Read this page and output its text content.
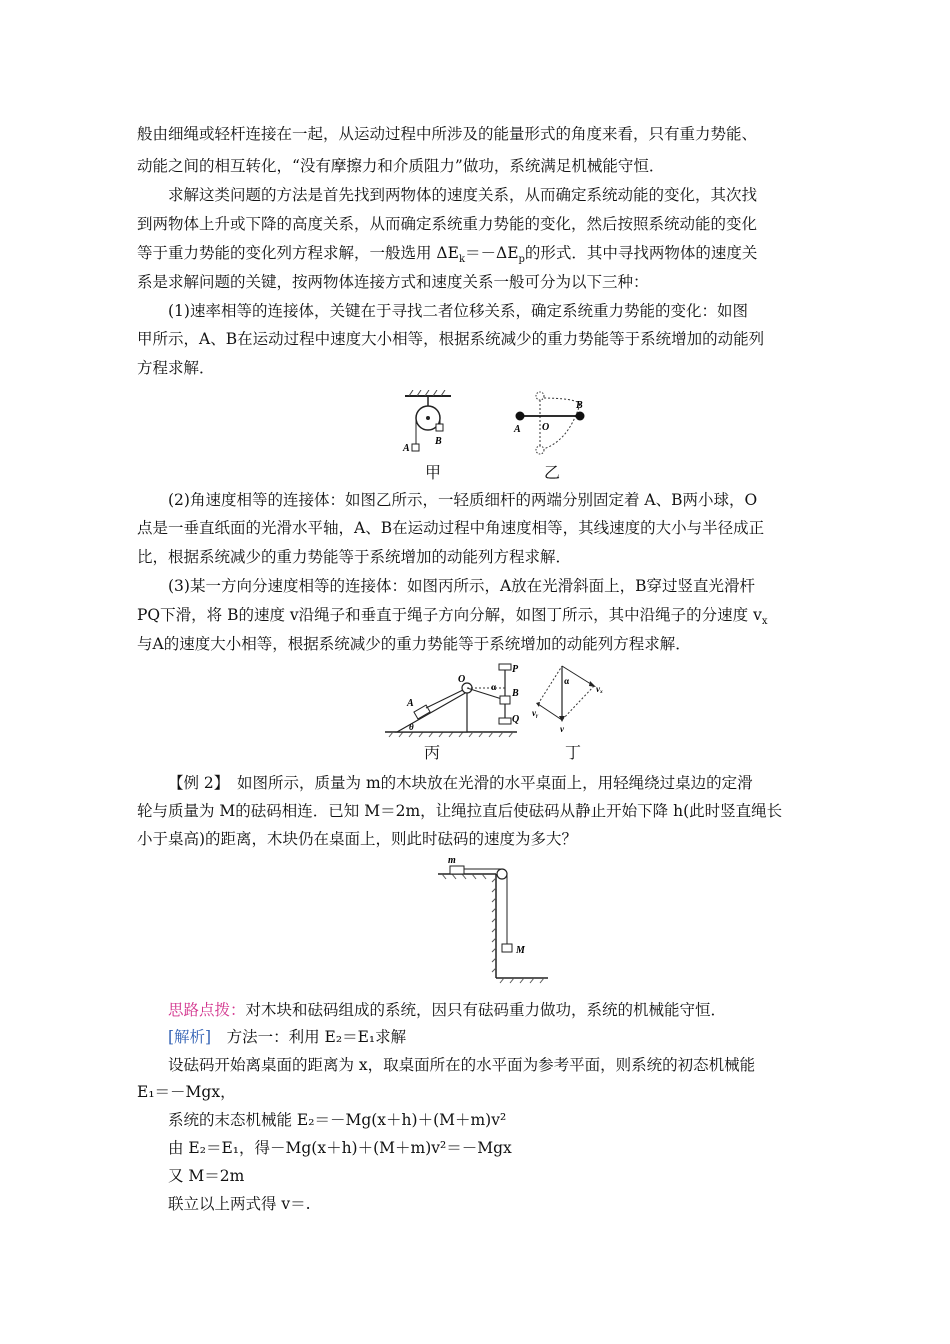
般由细绳或轻杆连接在一起，从运动过程中所涉及的能量形式的角度来看，只有重力势能、
动能之间的相互转化，“没有摩擦力和介质阻力”做功，系统满足机械能守恒．
求解这类问题的方法是首先找到两物体的速度关系，从而确定系统动能的变化，其次找
到两物体上升或下降的高度关系，从而确定系统重力势能的变化，然后按照系统动能的变化
等于重力势能的变化列方程求解，一般选用 $\Delta E_k=-\Delta E_p$的形式．其中寻找两物体的速度关
系是求解问题的关键，按两物体连接方式和速度关系一般可分为以下三种：
(1)速率相等的连接体，关键在于寻找二者位移关系，确定系统重力势能的变化：如图
甲所示，A、B在运动过程中速度大小相等，根据系统减少的重力势能等于系统增加的动能列
方程求解．
A
B
甲
A
B
O
乙
(2)角速度相等的连接体：如图乙所示，一轻质细杆的两端分别固定着 A、B两小球，O
点是一垂直纸面的光滑水平轴，A、B在运动过程中角速度相等，其线速度的大小与半径成正
比，根据系统减少的重力势能等于系统增加的动能列方程求解．
(3)某一方向分速度相等的连接体：如图丙所示，A放在光滑斜面上，B穿过竖直光滑杆
PQ下滑，将 B的速度 v沿绳子和垂直于绳子方向分解，如图丁所示，其中沿绳子的分速度 $v_x$
与A的速度大小相等，根据系统减少的重力势能等于系统增加的动能列方程求解．
A
O
P
B
Q
α
θ
丙
α
vₓ
vᵧ
v
丁
【例 2】　如图所示，质量为 m的木块放在光滑的水平桌面上，用轻绳绕过桌边的定滑
轮与质量为 M的砝码相连．已知 M＝2m，让绳拉直后使砝码从静止开始下降 h(此时竖直绳长
小于桌高)的距离，木块仍在桌面上，则此时砝码的速度为多大？
m
M
思路点拨：对木块和砝码组成的系统，因只有砝码重力做功，系统的机械能守恒．
[解析]　方法一：利用 E₂＝E₁求解
设砝码开始离桌面的距离为 x，取桌面所在的水平面为参考平面，则系统的初态机械能
E₁＝－Mgx，
系统的末态机械能 E₂＝－Mg(x＋h)＋(M＋m)v²
由 E₂＝E₁，得－Mg(x＋h)＋(M＋m)v²＝－Mgx
又 M＝2m
联立以上两式得 v＝.
